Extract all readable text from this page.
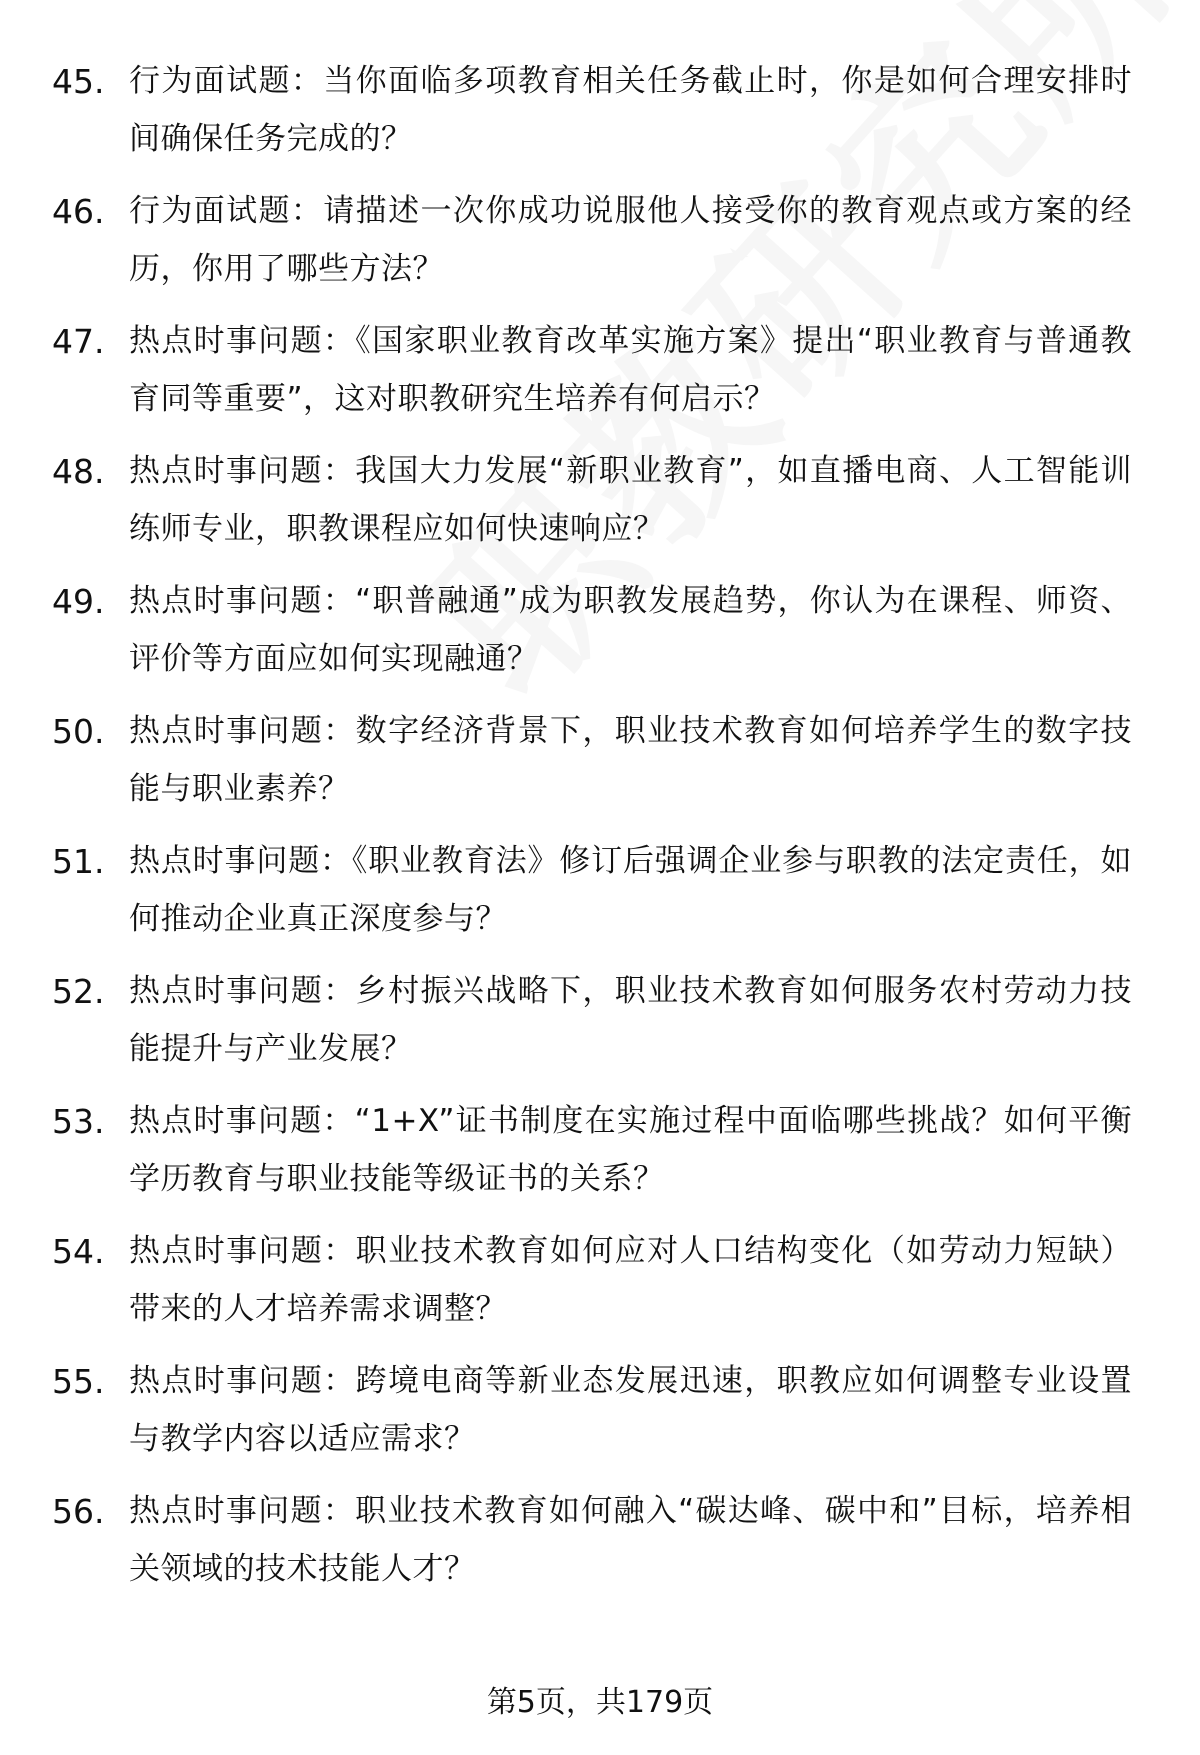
45. 行为面试题：当你面临多项教育相关任务截止时，你是如何合理安排时间确保任务完成的？
46. 行为面试题：请描述一次你成功说服他人接受你的教育观点或方案的经历，你用了哪些方法？
47. 热点时事问题：《国家职业教育改革实施方案》提出“职业教育与普通教育同等重要”，这对职教研究生培养有何启示？
48. 热点时事问题：我国大力发展“新职业教育”，如直播电商、人工智能训练师专业，职教课程应如何快速响应？
49. 热点时事问题：“职普融通”成为职教发展趋势，你认为在课程、师资、评价等方面应如何实现融通？
50. 热点时事问题：数字经济背景下，职业技术教育如何培养学生的数字技能与职业素养？
51. 热点时事问题：《职业教育法》修订后强调企业参与职教的法定责任，如何推动企业真正深度参与？
52. 热点时事问题：乡村振兴战略下，职业技术教育如何服务农村劳动力技能提升与产业发展？
53. 热点时事问题：“1+X”证书制度在实施过程中面临哪些挑战？如何平衡学历教育与职业技能等级证书的关系？
54. 热点时事问题：职业技术教育如何应对人口结构变化（如劳动力短缺）带来的人才培养需求调整？
55. 热点时事问题：跨境电商等新业态发展迅速，职教应如何调整专业设置与教学内容以适应需求？
56. 热点时事问题：职业技术教育如何融入“碳达峰、碳中和”目标，培养相关领域的技术技能人才？
第5页，共179页
